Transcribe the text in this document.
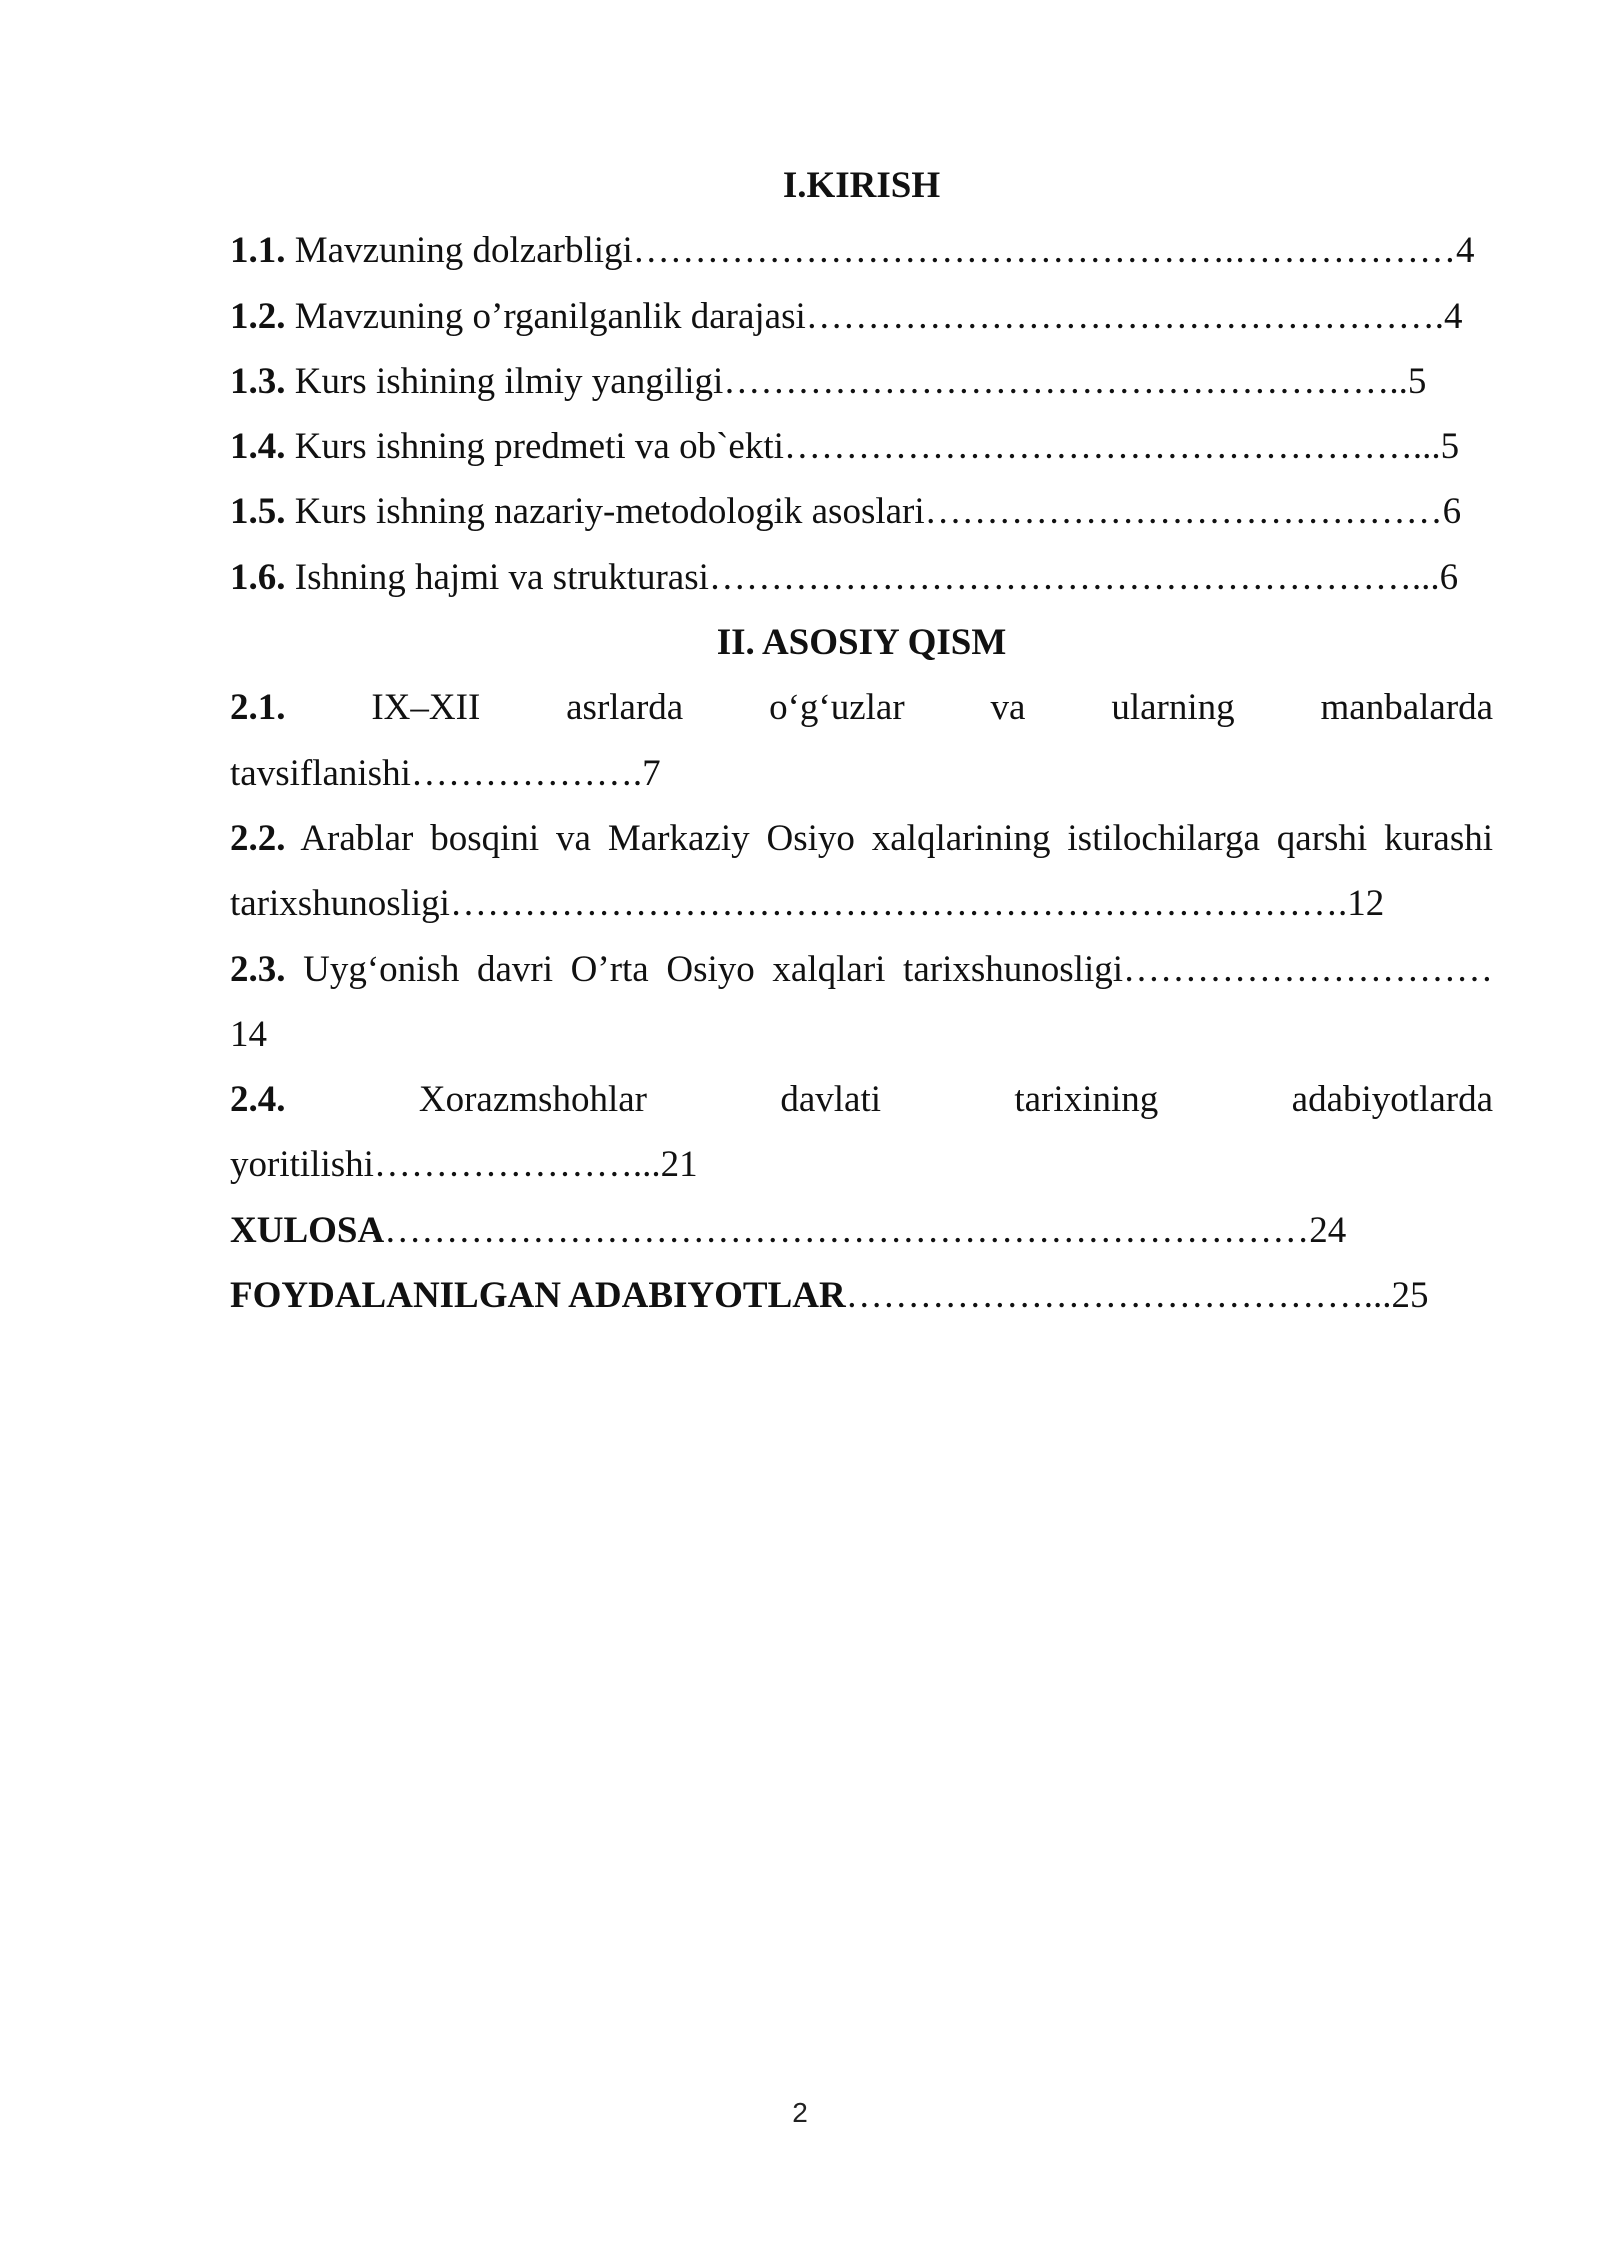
I.KIRISH
1.1. Mavzuning dolzarbligi………………………………………….………………4
1.2. Mavzuning o’rganilganlik darajasi…………………………………………….4
1.3. Kurs ishining ilmiy yangiligi………………………………………………..5
1.4. Kurs ishning predmeti va ob`ekti……………………………………………...5
1.5. Kurs ishning nazariy-metodologik asoslari……………………………………6
1.6. Ishning hajmi va strukturasi…………………………………………………...6
II. ASOSIY QISM
2.1. IX–XII asrlarda o‘g‘uzlar va ularning manbalarda
tavsiflanishi……………….7
2.2. Arablar bosqini va Markaziy Osiyo xalqlarining istilochilarga qarshi kurashi
tarixshunosligi……………………………………………………………….12
2.3. Uyg‘onish davri O’rta Osiyo xalqlari tarixshunosligi…………………………
14
2.4.	Xorazmshohlar	davlati	tarixining	adabiyotlarda
yoritilishi…………………...21
XULOSA…………………………………………………………………24
FOYDALANILGAN ADABIYOTLAR……………………………………...25
2
